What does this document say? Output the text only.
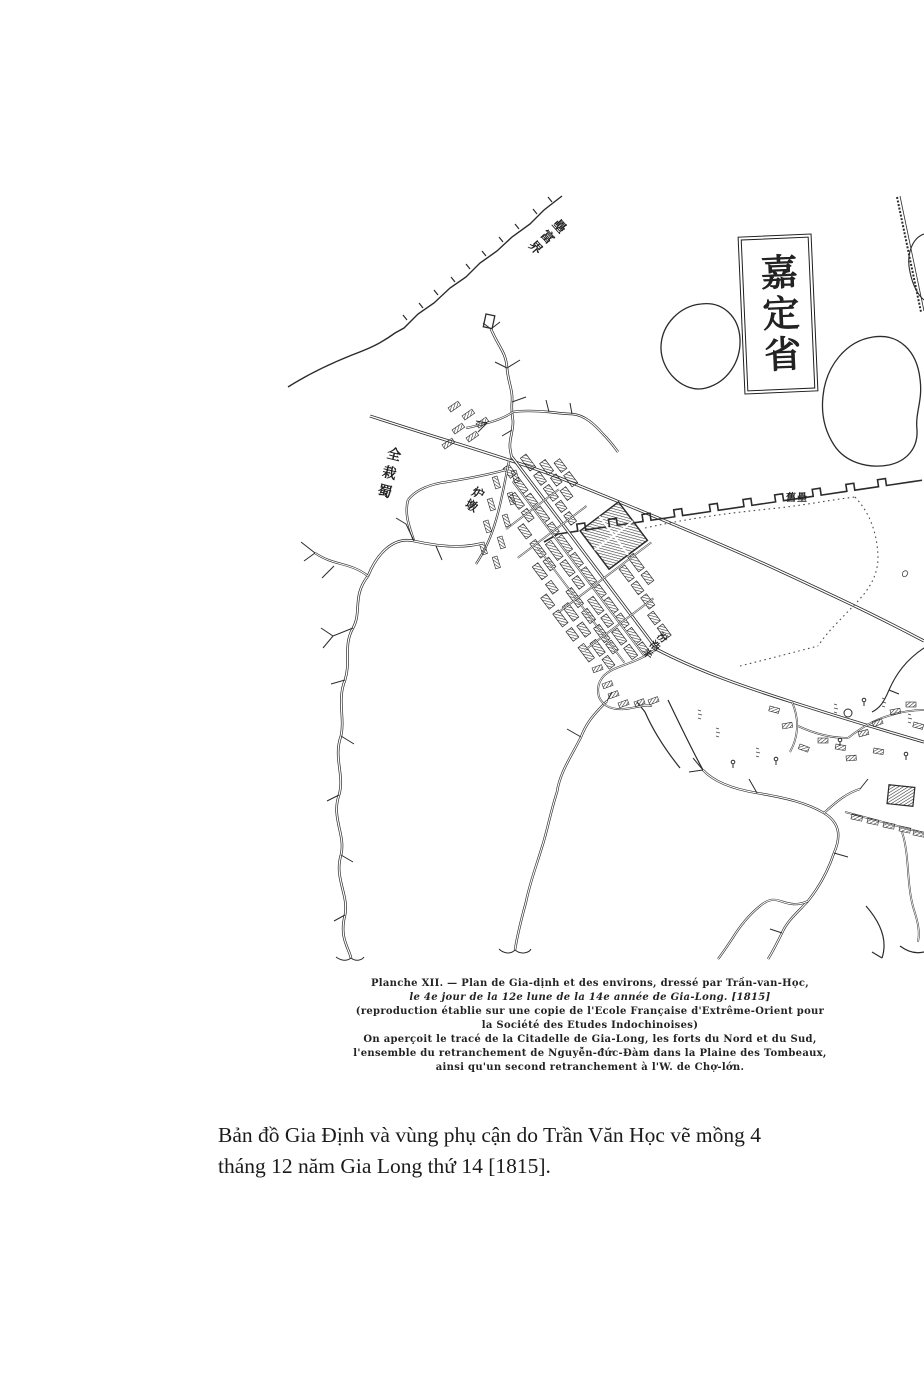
嘉定省
壘富界
全栽蜀	炉墩	舊壘
汾浩半
Planche XII. — Plan de Gia-dịnh et des environs, dressé par Trần-van-Học,
le 4e jour de la 12e lune de la 14e année de Gia-Long. [1815]
(reproduction établie sur une copie de l'Ecole Française d'Extrême-Orient pour
la Société des Etudes Indochinoises)
On aperçoit le tracé de la Citadelle de Gia-Long, les forts du Nord et du Sud,
l'ensemble du retranchement de Nguyễn-đức-Đàm dans la Plaine des Tombeaux,
ainsi qu'un second retranchement à l'W. de Chợ-lớn.
Bản đồ Gia Định và vùng phụ cận do Trần Văn Học vẽ mồng 4
tháng 12 năm Gia Long thứ 14 [1815].
